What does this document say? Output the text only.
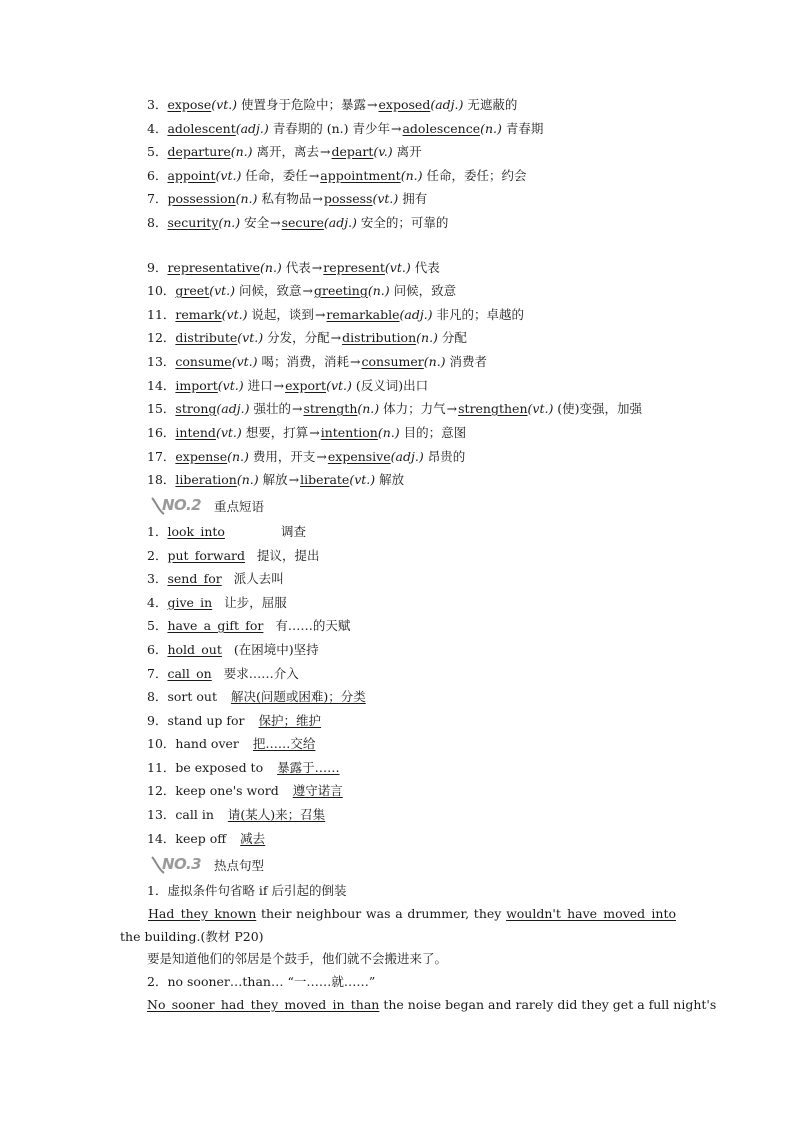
3．expose(vt.) 使置身于危险中；暴露→exposed(adj.) 无遮蔽的
4．adolescent(adj.) 青春期的 (n.) 青少年→adolescence(n.) 青春期
5．departure(n.) 离开，离去→depart(v.) 离开
6．appoint(vt.) 任命，委任→appointment(n.) 任命，委任；约会
7．possession(n.) 私有物品→possess(vt.) 拥有
8．security(n.) 安全→secure(adj.) 安全的；可靠的
9．representative(n.) 代表→represent(vt.) 代表
10．greet(vt.) 问候，致意→greeting(n.) 问候，致意
11．remark(vt.) 说起，谈到→remarkable(adj.) 非凡的；卓越的
12．distribute(vt.) 分发，分配→distribution(n.) 分配
13．consume(vt.) 喝；消费，消耗→consumer(n.) 消费者
14．import(vt.) 进口→export(vt.) (反义词)出口
15．strong(adj.) 强壮的→strength(n.) 体力；力气→strengthen(vt.) (使)变强，加强
16．intend(vt.) 想要，打算→intention(n.) 目的；意图
17．expense(n.) 费用，开支→expensive(adj.) 昂贵的
18．liberation(n.) 解放→liberate(vt.) 解放
NO.2 重点短语
1．look_into	调查
2．put_forward 提议，提出
3．send_for 派人去叫
4．give_in 让步，屈服
5．have_a_gift_for 有……的天赋
6．hold_out (在困境中)坚持
7．call_on 要求……介入
8．sort out 解决(问题或困难)；分类
9．stand up for 保护；维护
10．hand over 把……交给
11．be exposed to 暴露于……
12．keep one's word 遵守诺言
13．call in 请(某人)来；召集
14．keep off 减去
NO.3 热点句型
1．虚拟条件句省略 if 后引起的倒装
Had_they_known their neighbour was a drummer, they wouldn't_have_moved_into the building.(教材 P20)
要是知道他们的邻居是个鼓手，他们就不会搬进来了。
2．no sooner…than… “一……就……”
No_sooner_had_they_moved_in_than the noise began and rarely did they get a full night's
